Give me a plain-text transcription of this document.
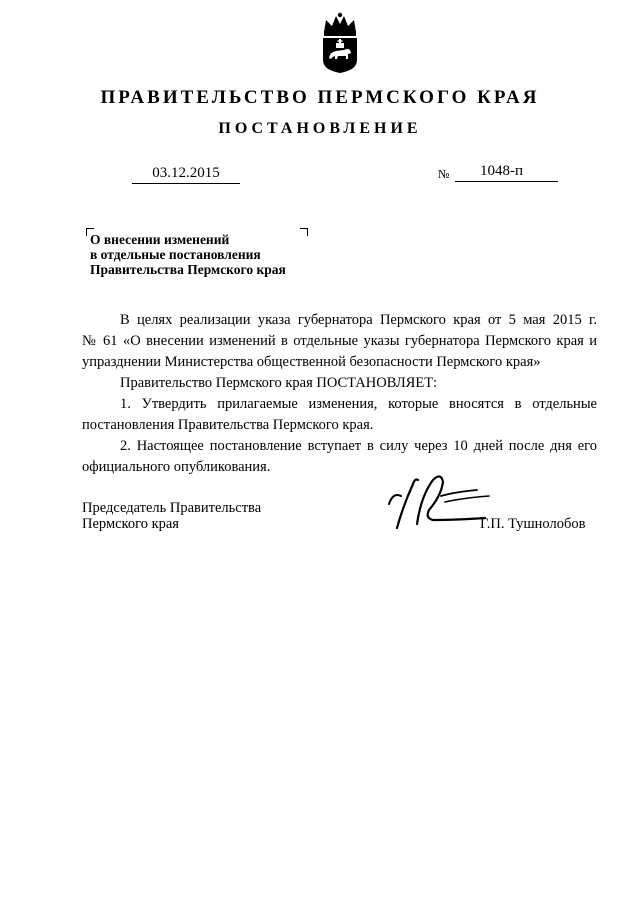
ПРАВИТЕЛЬСТВО ПЕРМСКОГО КРАЯ
ПОСТАНОВЛЕНИЕ
03.12.2015	№ 1048-п
О внесении изменений
в отдельные постановления
Правительства Пермского края

В целях реализации указа губернатора Пермского края от 5 мая 2015 г.

№ 61 «О внесении изменений в отдельные указы губернатора Пермского края и упразднении Министерства общественной безопасности Пермского края»

Правительство Пермского края ПОСТАНОВЛЯЕТ:

1. Утвердить прилагаемые изменения, которые вносятся в отдельные постановления Правительства Пермского края.

2. Настоящее постановление вступает в силу через 10 дней после дня его официального опубликования.

Председатель Правительства
Пермского края	Г.П. Тушнолобов
